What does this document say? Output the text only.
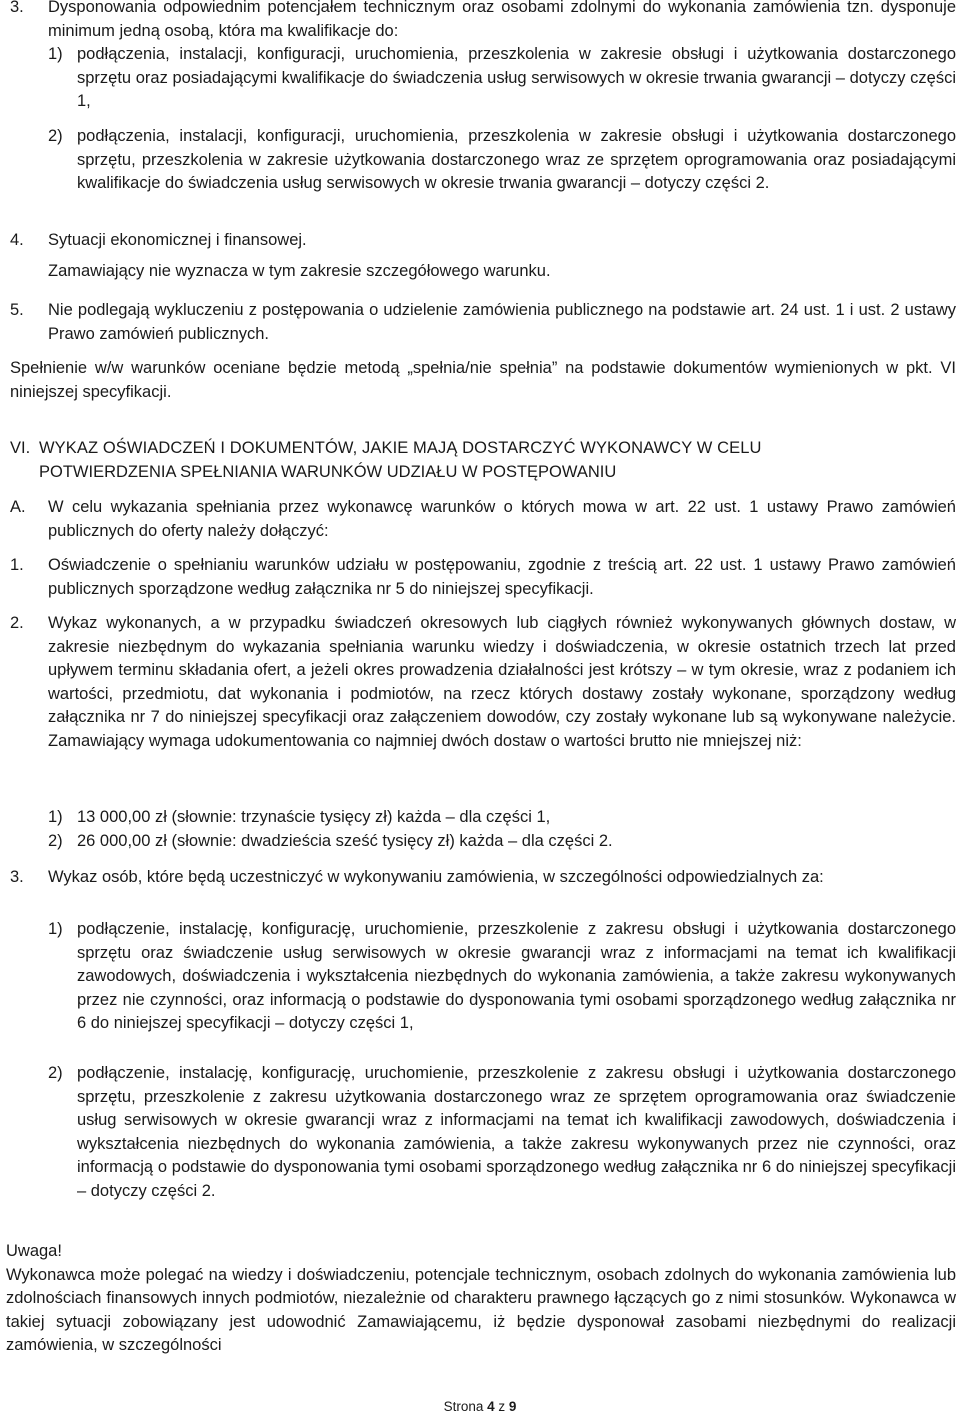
3. Dysponowania odpowiednim potencjałem technicznym oraz osobami zdolnymi do wykonania zamówienia tzn. dysponuje minimum jedną osobą, która ma kwalifikacje do:
1) podłączenia, instalacji, konfiguracji, uruchomienia, przeszkolenia w zakresie obsługi i użytkowania dostarczonego sprzętu oraz posiadającymi kwalifikacje do świadczenia usług serwisowych w okresie trwania gwarancji – dotyczy części 1,
2) podłączenia, instalacji, konfiguracji, uruchomienia, przeszkolenia w zakresie obsługi i użytkowania dostarczonego sprzętu, przeszkolenia w zakresie użytkowania dostarczonego wraz ze sprzętem oprogramowania oraz posiadającymi kwalifikacje do świadczenia usług serwisowych w okresie trwania gwarancji – dotyczy części 2.
4. Sytuacji ekonomicznej i finansowej.
Zamawiający nie wyznacza w tym zakresie szczegółowego warunku.
5. Nie podlegają wykluczeniu z postępowania o udzielenie zamówienia publicznego na podstawie art. 24 ust. 1 i ust. 2 ustawy Prawo zamówień publicznych.
Spełnienie w/w warunków oceniane będzie metodą „spełnia/nie spełnia” na podstawie dokumentów wymienionych w pkt. VI niniejszej specyfikacji.
VI. WYKAZ OŚWIADCZEŃ I DOKUMENTÓW, JAKIE MAJĄ DOSTARCZYĆ WYKONAWCY W CELU
POTWIERDZENIA SPEŁNIANIA WARUNKÓW UDZIAŁU W POSTĘPOWANIU
A. W celu wykazania spełniania przez wykonawcę warunków o których mowa w art. 22 ust. 1 ustawy Prawo zamówień publicznych do oferty należy dołączyć:
1. Oświadczenie o spełnianiu warunków udziału w postępowaniu, zgodnie z treścią art. 22 ust. 1 ustawy Prawo zamówień publicznych sporządzone według załącznika nr 5 do niniejszej specyfikacji.
2. Wykaz wykonanych, a w przypadku świadczeń okresowych lub ciągłych również wykonywanych głównych dostaw, w zakresie niezbędnym do wykazania spełniania warunku wiedzy i doświadczenia, w okresie ostatnich trzech lat przed upływem terminu składania ofert, a jeżeli okres prowadzenia działalności jest krótszy – w tym okresie, wraz z podaniem ich wartości, przedmiotu, dat wykonania i podmiotów, na rzecz których dostawy zostały wykonane, sporządzony według załącznika nr 7 do niniejszej specyfikacji oraz załączeniem dowodów, czy zostały wykonane lub są wykonywane należycie. Zamawiający wymaga udokumentowania co najmniej dwóch dostaw o wartości brutto nie mniejszej niż:
1) 13 000,00 zł (słownie: trzynaście tysięcy zł) każda – dla części 1,
2) 26 000,00 zł (słownie: dwadzieścia sześć tysięcy zł) każda – dla części 2.
3. Wykaz osób, które będą uczestniczyć w wykonywaniu zamówienia, w szczególności odpowiedzialnych za:
1) podłączenie, instalację, konfigurację, uruchomienie, przeszkolenie z zakresu obsługi i użytkowania dostarczonego sprzętu oraz świadczenie usług serwisowych w okresie gwarancji wraz z informacjami na temat ich kwalifikacji zawodowych, doświadczenia i wykształcenia niezbędnych do wykonania zamówienia, a także zakresu wykonywanych przez nie czynności, oraz informacją o podstawie do dysponowania tymi osobami sporządzonego według załącznika nr 6 do niniejszej specyfikacji – dotyczy części 1,
2) podłączenie, instalację, konfigurację, uruchomienie, przeszkolenie z zakresu obsługi i użytkowania dostarczonego sprzętu, przeszkolenie z zakresu użytkowania dostarczonego wraz ze sprzętem oprogramowania oraz świadczenie usług serwisowych w okresie gwarancji wraz z informacjami na temat ich kwalifikacji zawodowych, doświadczenia i wykształcenia niezbędnych do wykonania zamówienia, a także zakresu wykonywanych przez nie czynności, oraz informacją o podstawie do dysponowania tymi osobami sporządzonego według załącznika nr 6 do niniejszej specyfikacji – dotyczy części 2.
Uwaga!
Wykonawca może polegać na wiedzy i doświadczeniu, potencjale technicznym, osobach zdolnych do wykonania zamówienia lub zdolnościach finansowych innych podmiotów, niezależnie od charakteru prawnego łączących go z nimi stosunków. Wykonawca w takiej sytuacji zobowiązany jest udowodnić Zamawiającemu, iż będzie dysponował zasobami niezbędnymi do realizacji zamówienia, w szczególności
Strona 4 z 9
